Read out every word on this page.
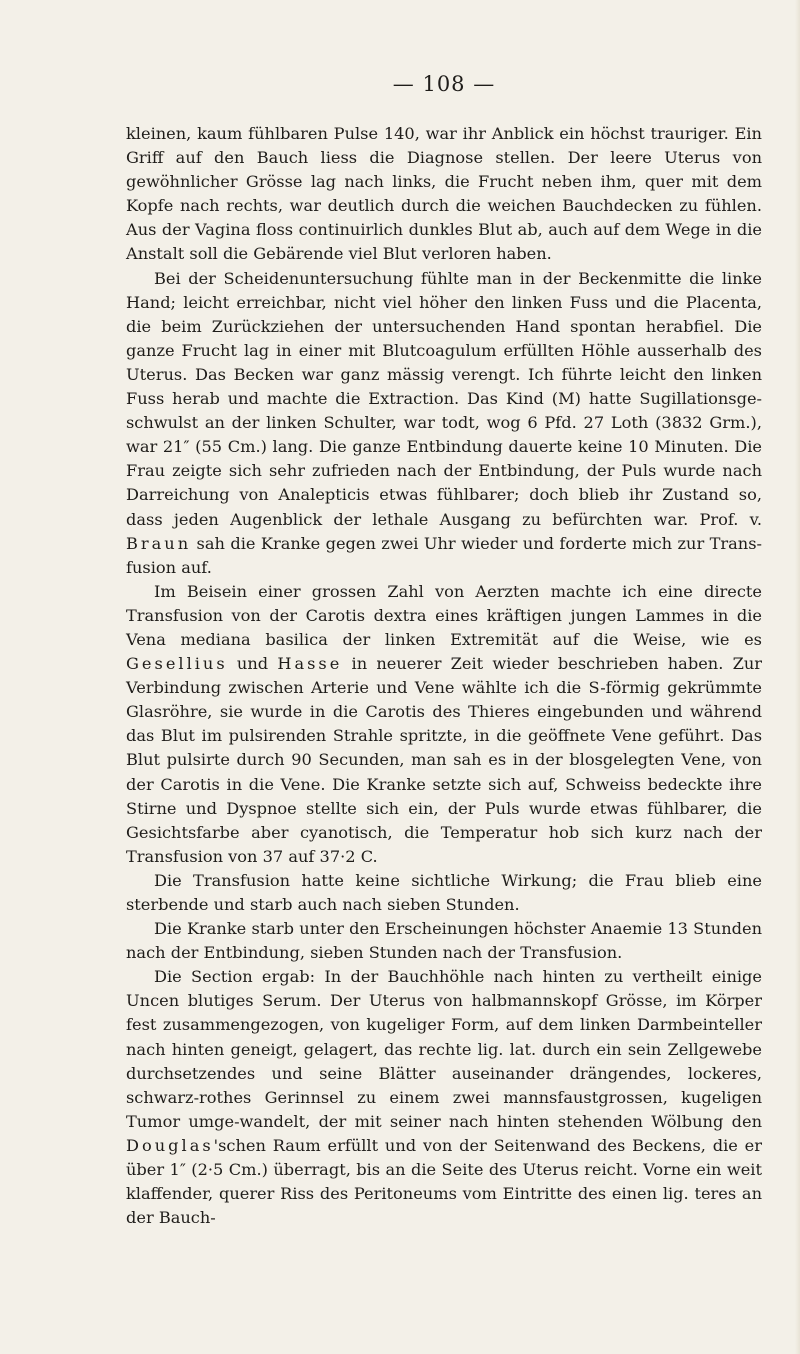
— 108 —

kleinen, kaum fühlbaren Pulse 140, war ihr Anblick ein höchst trauriger. Ein Griff auf den Bauch liess die Diagnose stellen. Der leere Uterus von gewöhnlicher Grösse lag nach links, die Frucht neben ihm, quer mit dem Kopfe nach rechts, war deutlich durch die weichen Bauchdecken zu fühlen. Aus der Vagina floss continuirlich dunkles Blut ab, auch auf dem Wege in die Anstalt soll die Gebärende viel Blut verloren haben.

Bei der Scheidenuntersuchung fühlte man in der Beckenmitte die linke Hand; leicht erreichbar, nicht viel höher den linken Fuss und die Placenta, die beim Zurückziehen der untersuchenden Hand spontan herabfiel. Die ganze Frucht lag in einer mit Blutcoagulum erfüllten Höhle ausserhalb des Uterus. Das Becken war ganz mässig verengt. Ich führte leicht den linken Fuss herab und machte die Extraction. Das Kind (M) hatte Sugillationsge-schwulst an der linken Schulter, war todt, wog 6 Pfd. 27 Loth (3832 Grm.), war 21″ (55 Cm.) lang. Die ganze Entbindung dauerte keine 10 Minuten. Die Frau zeigte sich sehr zufrieden nach der Entbindung, der Puls wurde nach Darreichung von Analepticis etwas fühlbarer; doch blieb ihr Zustand so, dass jeden Augenblick der lethale Ausgang zu befürchten war. Prof. v. Braun sah die Kranke gegen zwei Uhr wieder und forderte mich zur Trans-fusion auf.

Im Beisein einer grossen Zahl von Aerzten machte ich eine directe Transfusion von der Carotis dextra eines kräftigen jungen Lammes in die Vena mediana basilica der linken Extremität auf die Weise, wie es Gesellius und Hasse in neuerer Zeit wieder beschrieben haben. Zur Verbindung zwischen Arterie und Vene wählte ich die S-förmig gekrümmte Glasröhre, sie wurde in die Carotis des Thieres eingebunden und während das Blut im pulsirenden Strahle spritzte, in die geöffnete Vene geführt. Das Blut pulsirte durch 90 Secunden, man sah es in der blosgelegten Vene, von der Carotis in die Vene. Die Kranke setzte sich auf, Schweiss bedeckte ihre Stirne und Dyspnoe stellte sich ein, der Puls wurde etwas fühlbarer, die Gesichtsfarbe aber cyanotisch, die Temperatur hob sich kurz nach der Transfusion von 37 auf 37·2 C.

Die Transfusion hatte keine sichtliche Wirkung; die Frau blieb eine sterbende und starb auch nach sieben Stunden.

Die Kranke starb unter den Erscheinungen höchster Anaemie 13 Stunden nach der Entbindung, sieben Stunden nach der Transfusion.

Die Section ergab: In der Bauchhöhle nach hinten zu vertheilt einige Uncen blutiges Serum. Der Uterus von halbmannskopf Grösse, im Körper fest zusammengezogen, von kugeliger Form, auf dem linken Darmbeinteller nach hinten geneigt, gelagert, das rechte lig. lat. durch ein sein Zellgewebe durchsetzendes und seine Blätter auseinander drängendes, lockeres, schwarz-rothes Gerinnsel zu einem zwei mannsfaustgrossen, kugeligen Tumor umge-wandelt, der mit seiner nach hinten stehenden Wölbung den Douglas'schen Raum erfüllt und von der Seitenwand des Beckens, die er über 1″ (2·5 Cm.) überragt, bis an die Seite des Uterus reicht. Vorne ein weit klaffender, querer Riss des Peritoneums vom Eintritte des einen lig. teres an der Bauch-
